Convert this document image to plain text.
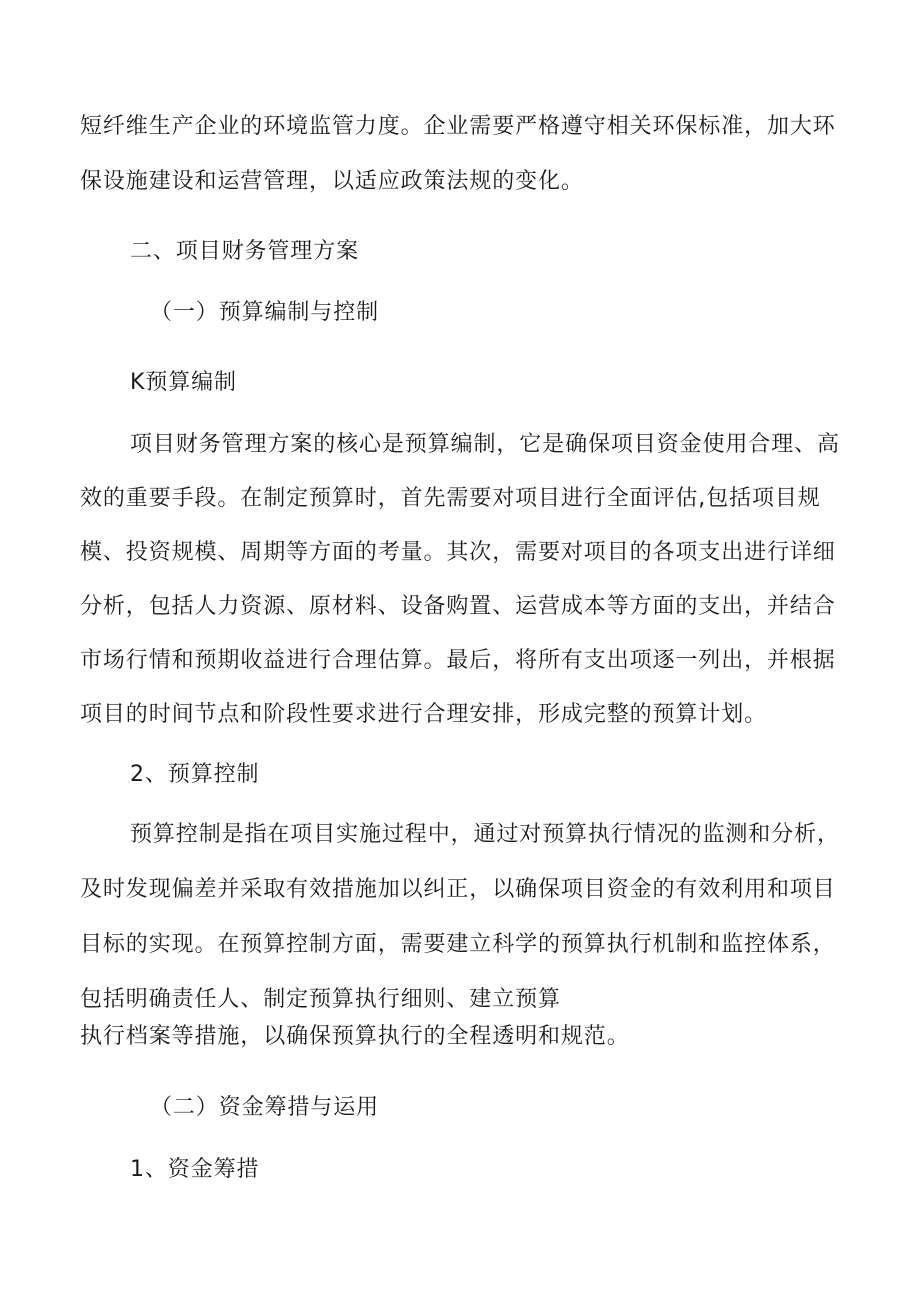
短纤维生产企业的环境监管力度。企业需要严格遵守相关环保标准，加大环
保设施建设和运营管理，以适应政策法规的变化。
二、项目财务管理方案
（一）预算编制与控制
K预算编制
项目财务管理方案的核心是预算编制，它是确保项目资金使用合理、高
效的重要手段。在制定预算时，首先需要对项目进行全面评估,包括项目规
模、投资规模、周期等方面的考量。其次，需要对项目的各项支出进行详细
分析，包括人力资源、原材料、设备购置、运营成本等方面的支出，并结合
市场行情和预期收益进行合理估算。最后，将所有支出项逐一列出，并根据
项目的时间节点和阶段性要求进行合理安排，形成完整的预算计划。
2、预算控制
预算控制是指在项目实施过程中，通过对预算执行情况的监测和分析，
及时发现偏差并采取有效措施加以纠正，以确保项目资金的有效利用和项目
目标的实现。在预算控制方面，需要建立科学的预算执行机制和监控体系，
包括明确责任人、制定预算执行细则、建立预算
执行档案等措施，以确保预算执行的全程透明和规范。
（二）资金筹措与运用
1、资金筹措
